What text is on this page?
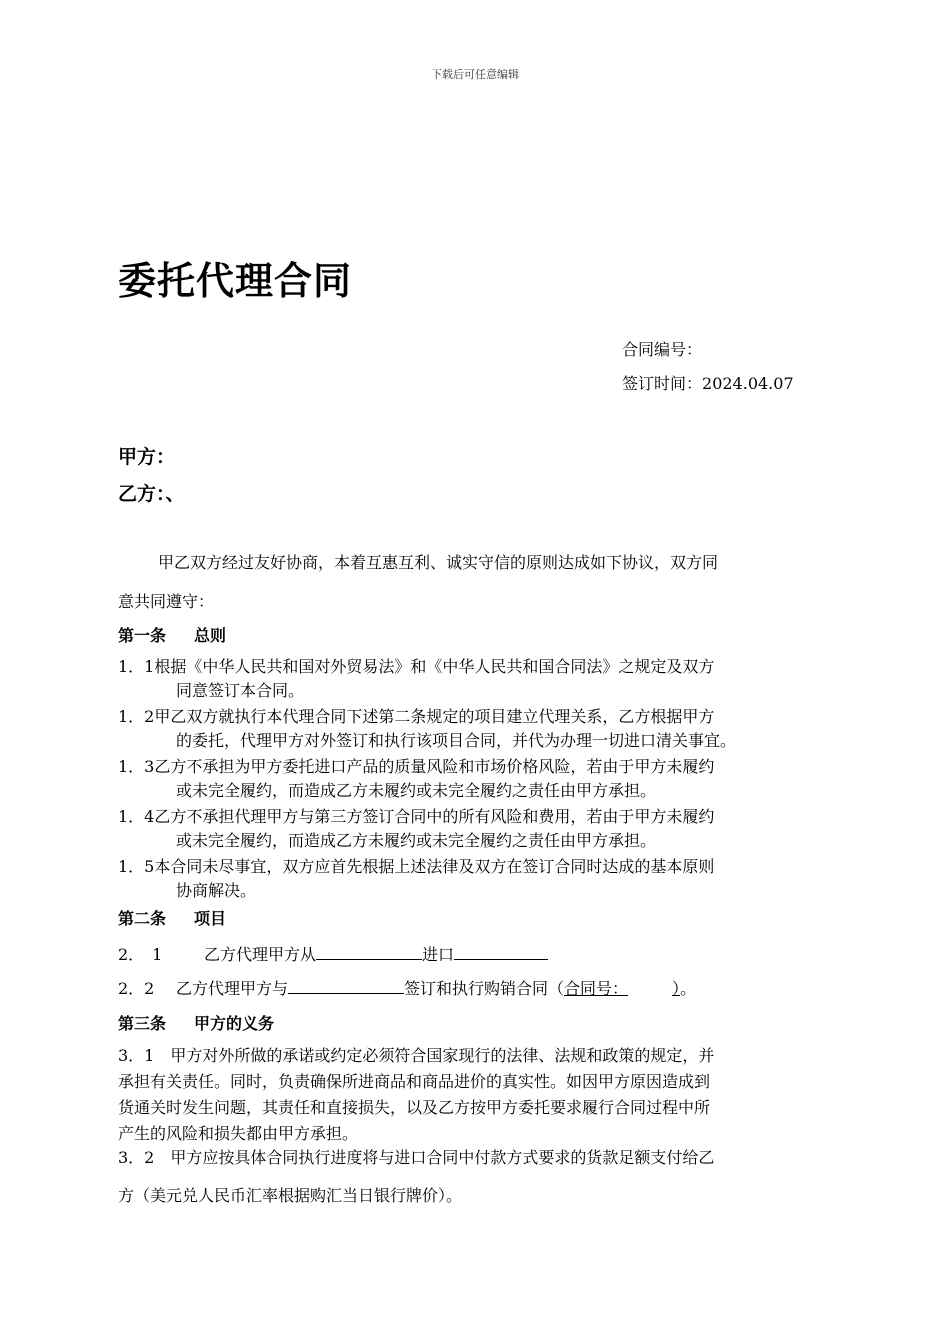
下载后可任意编辑
委托代理合同
合同编号：
签订时间：2024.04.07
甲方：
乙方：、
甲乙双方经过友好协商，本着互惠互利、诚实守信的原则达成如下协议，双方同
意共同遵守：
第一条 总则
1．1根据《中华人民共和国对外贸易法》和《中华人民共和国合同法》之规定及双方
同意签订本合同。
1．2甲乙双方就执行本代理合同下述第二条规定的项目建立代理关系，乙方根据甲方
的委托，代理甲方对外签订和执行该项目合同，并代为办理一切进口清关事宜。
1．3乙方不承担为甲方委托进口产品的质量风险和市场价格风险，若由于甲方未履约
或未完全履约，而造成乙方未履约或未完全履约之责任由甲方承担。
1．4乙方不承担代理甲方与第三方签订合同中的所有风险和费用，若由于甲方未履约
或未完全履约，而造成乙方未履约或未完全履约之责任由甲方承担。
1．5本合同未尽事宜，双方应首先根据上述法律及双方在签订合同时达成的基本原则
协商解决。
第二条 项目
2．　1	乙方代理甲方从	进口
2．2 乙方代理甲方与	签订和执行购销合同（合同号：	）。
第三条 甲方的义务
3．1　甲方对外所做的承诺或约定必须符合国家现行的法律、法规和政策的规定，并
承担有关责任。同时，负责确保所进商品和商品进价的真实性。如因甲方原因造成到
货通关时发生问题，其责任和直接损失，以及乙方按甲方委托要求履行合同过程中所
产生的风险和损失都由甲方承担。
3．2　甲方应按具体合同执行进度将与进口合同中付款方式要求的货款足额支付给乙
方（美元兑人民币汇率根据购汇当日银行牌价）。
